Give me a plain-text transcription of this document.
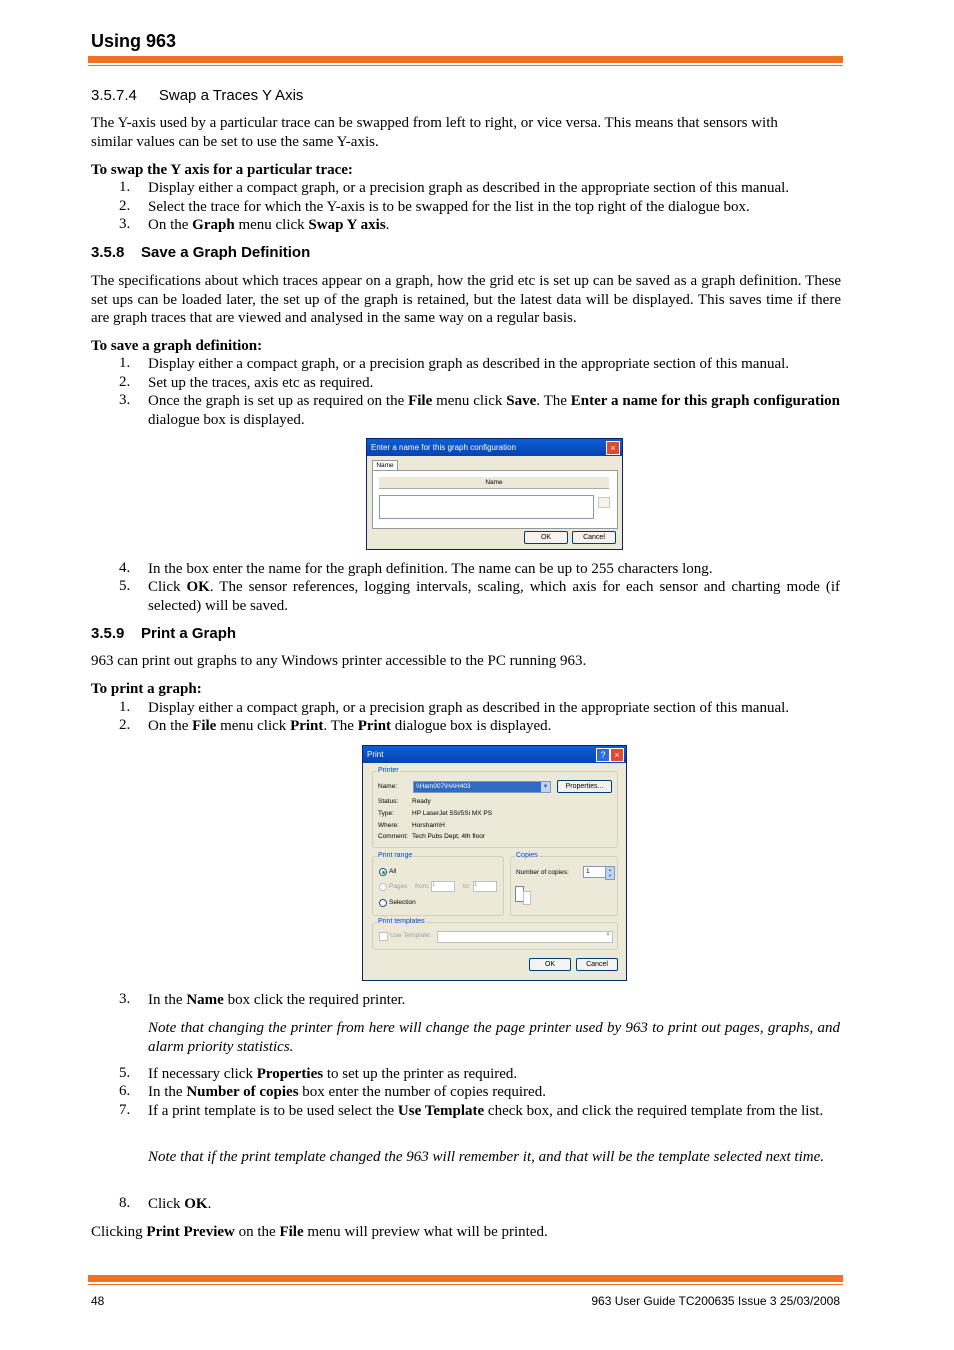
Using 963
3.5.7.4 Swap a Traces Y Axis
The Y-axis used by a particular trace can be swapped from left to right, or vice versa. This means that sensors with
similar values can be set to use the same Y-axis.
To swap the Y axis for a particular trace:
1. Display either a compact graph, or a precision graph as described in the appropriate section of this manual.
2. Select the trace for which the Y-axis is to be swapped for the list in the top right of the dialogue box.
3. On the Graph menu click Swap Y axis.
3.5.8    Save a Graph Definition
The specifications about which traces appear on a graph, how the grid etc is set up can be saved as a graph definition. These set ups can be loaded later, the set up of the graph is retained, but the latest data will be displayed. This saves time if there are graph traces that are viewed and analysed in the same way on a regular basis.
To save a graph definition:
1. Display either a compact graph, or a precision graph as described in the appropriate section of this manual.
2. Set up the traces, axis etc as required.
3. Once the graph is set up as required on the File menu click Save. The Enter a name for this graph configuration dialogue box is displayed.
Enter a name for this graph configuration	×
Name
Name
OK	Cancel
4. In the box enter the name for the graph definition. The name can be up to 255 characters long.
5. Click OK. The sensor references, logging intervals, scaling, which axis for each sensor and charting mode (if selected) will be saved.
3.5.9    Print a Graph
963 can print out graphs to any Windows printer accessible to the PC running 963.
To print a graph:
1. Display either a compact graph, or a precision graph as described in the appropriate section of this manual.
2. On the File menu click Print. The Print dialogue box is displayed.
Print	? ×
Printer
Name:	\\Ham007\HAH403	▼	Properties...
Status: Ready
Type:	HP LaserJet 5Si/5Si MX PS
Where: Horsham\H
Comment: Tech Pubs Dept, 4th floor
Print range
All
Pages from: 1	to: 1
Selection
Copies
Number of copies:	1	▲
▼
Print templates
Use Template:	▼
OK	Cancel
3. In the Name box click the required printer.
Note that changing the printer from here will change the page printer used by 963 to print out pages, graphs, and alarm priority statistics.
5. If necessary click Properties to set up the printer as required.
6. In the Number of copies box enter the number of copies required.
7. If a print template is to be used select the Use Template check box, and click the required template from the list.
Note that if the print template changed the 963 will remember it, and that will be the template selected next time.
8. Click OK.
Clicking Print Preview on the File menu will preview what will be printed.
48	963 User Guide TC200635 Issue 3 25/03/2008
